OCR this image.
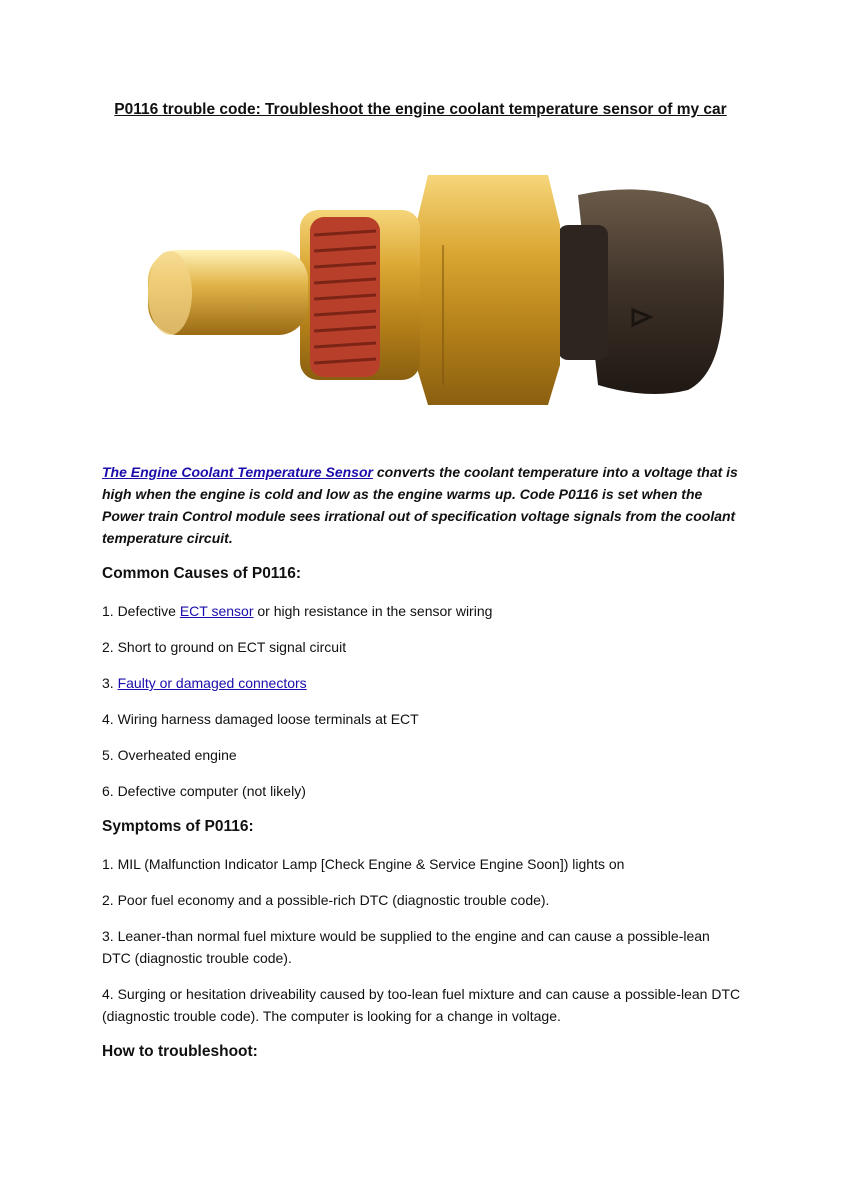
P0116 trouble code: Troubleshoot the engine coolant temperature sensor of my car
The Engine Coolant Temperature Sensor converts the coolant temperature into a voltage that is high when the engine is cold and low as the engine warms up. Code P0116 is set when the Power train Control module sees irrational out of specification voltage signals from the coolant temperature circuit.
Common Causes of P0116:
1. Defective ECT sensor or high resistance in the sensor wiring
2. Short to ground on ECT signal circuit
3. Faulty or damaged connectors
4. Wiring harness damaged loose terminals at ECT
5. Overheated engine
6. Defective computer (not likely)
Symptoms of P0116:
1. MIL (Malfunction Indicator Lamp [Check Engine & Service Engine Soon]) lights on
2. Poor fuel economy and a possible-rich DTC (diagnostic trouble code).
3. Leaner-than normal fuel mixture would be supplied to the engine and can cause a possible-lean DTC (diagnostic trouble code).
4. Surging or hesitation driveability caused by too-lean fuel mixture and can cause a possible-lean DTC (diagnostic trouble code). The computer is looking for a change in voltage.
How to troubleshoot:
